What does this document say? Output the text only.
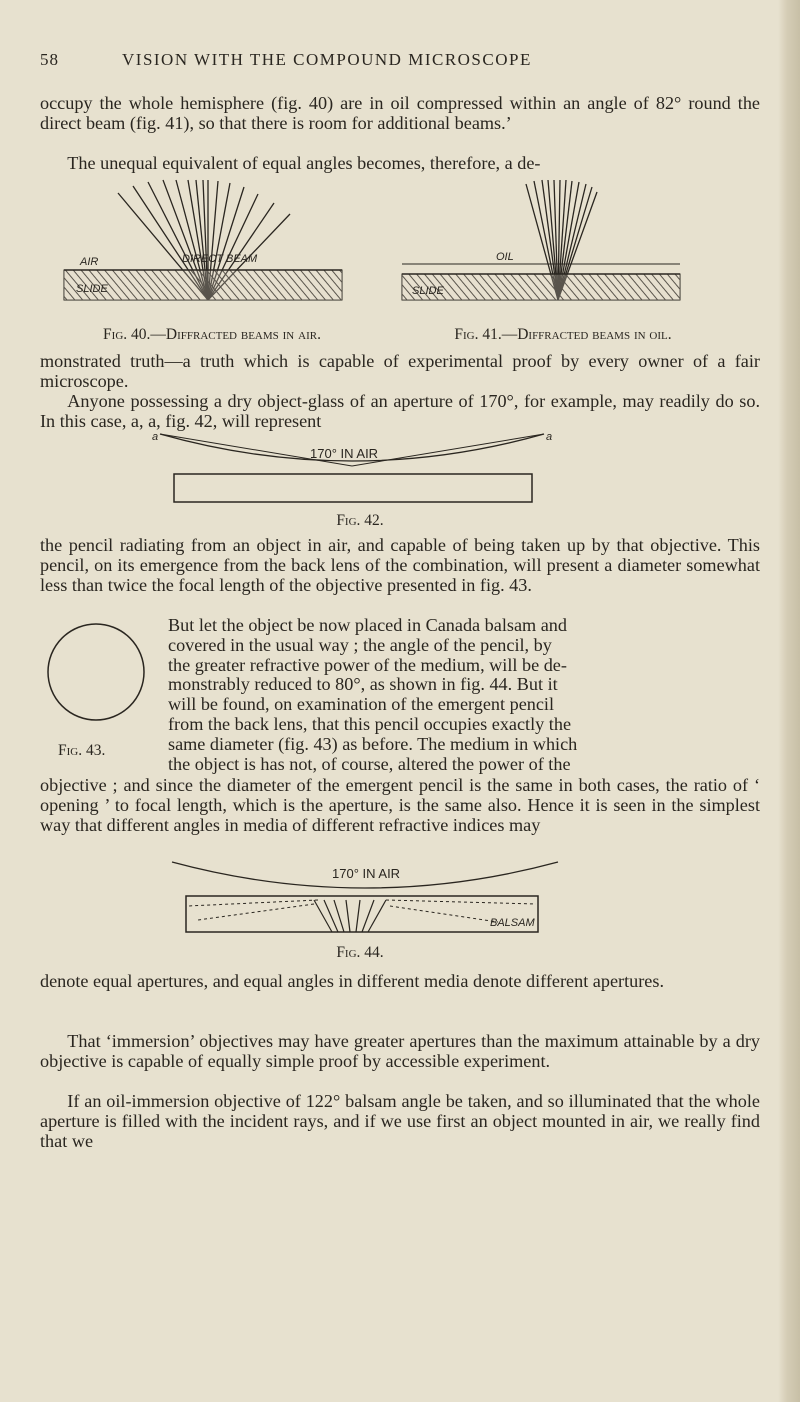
58	VISION WITH THE COMPOUND MICROSCOPE

occupy the whole hemisphere (fig. 40) are in oil compressed within an angle of 82° round the direct beam (fig. 41), so that there is room for additional beams.’

The unequal equivalent of equal angles becomes, therefore, a de-

AIR	DIRECT BEAM
SLIDE
Fig. 40.—Diffracted beams in air.
OIL
SLIDE
Fig. 41.—Diffracted beams in oil.

monstrated truth—a truth which is capable of experimental proof by every owner of a fair microscope.

Anyone possessing a dry object-glass of an aperture of 170°, for example, may readily do so. In this case, a, a, fig. 42, will represent

170° IN AIR
a	a
Fig. 42.

the pencil radiating from an object in air, and capable of being taken up by that objective. This pencil, on its emergence from the back lens of the combination, will present a diameter somewhat less than twice the focal length of the objective presented in fig. 43.

Fig. 43.
But let the object be now placed in Canada balsam and
covered in the usual way ; the angle of the pencil, by
the greater refractive power of the medium, will be de-
monstrably reduced to 80°, as shown in fig. 44. But it
will be found, on examination of the emergent pencil
from the back lens, that this pencil occupies exactly the
same diameter (fig. 43) as before. The medium in which
the object is has not, of course, altered the power of the

objective ; and since the diameter of the emergent pencil is the same in both cases, the ratio of ‘ opening ’ to focal length, which is the aperture, is the same also. Hence it is seen in the simplest way that different angles in media of different refractive indices may

170° IN AIR
BALSAM
Fig. 44.

denote equal apertures, and equal angles in different media denote different apertures.

That ‘immersion’ objectives may have greater apertures than the maximum attainable by a dry objective is capable of equally simple proof by accessible experiment.

If an oil-immersion objective of 122° balsam angle be taken, and so illuminated that the whole aperture is filled with the incident rays, and if we use first an object mounted in air, we really find that we
